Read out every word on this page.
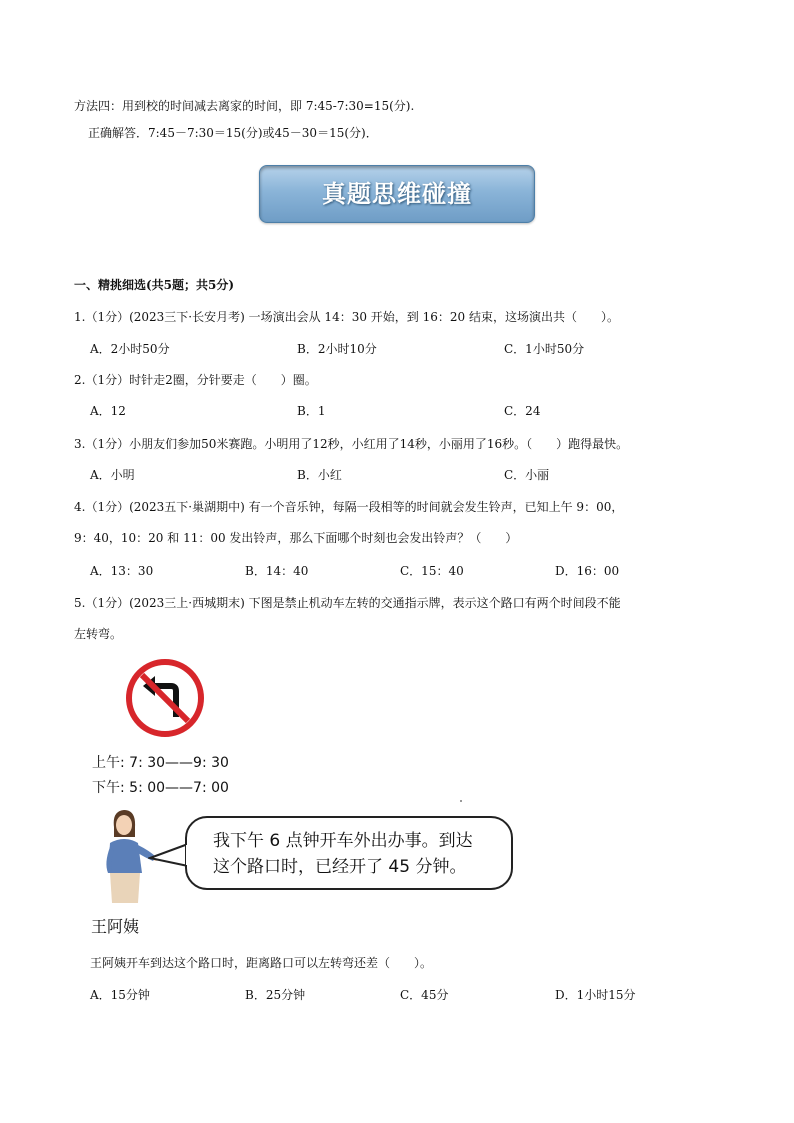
方法四：用到校的时间减去离家的时间，即 7:45-7:30=15(分).
正确解答．7:45－7:30＝15(分)或45－30＝15(分)．
真题思维碰撞
一、精挑细选(共5题；共5分)
1.（1分）(2023三下·长安月考) 一场演出会从 14：30 开始，到 16：20 结束，这场演出共（　　）。
A．2小时50分	B．2小时10分	C．1小时50分
2.（1分）时针走2圈，分针要走（　　）圈。
A．12	B．1	C．24
3.（1分）小朋友们参加50米赛跑。小明用了12秒，小红用了14秒，小丽用了16秒。（　　）跑得最快。
A．小明	B．小红	C．小丽
4.（1分）(2023五下·巢湖期中) 有一个音乐钟，每隔一段相等的时间就会发生铃声，已知上午 9：00，
9：40，10：20 和 11：00 发出铃声，那么下面哪个时刻也会发出铃声？（　　）
A．13：30	B．14：40	C．15：40	D．16：00
5.（1分）(2023三上·西城期末) 下图是禁止机动车左转的交通指示牌，表示这个路口有两个时间段不能
左转弯。
上午: 7: 30——9: 30
下午: 5: 00——7: 00
我下午 6 点钟开车外出办事。到达
这个路口时，已经开了 45 分钟。
王阿姨
王阿姨开车到达这个路口时，距离路口可以左转弯还差（　　）。
A．15分钟	B．25分钟	C．45分	D．1小时15分
